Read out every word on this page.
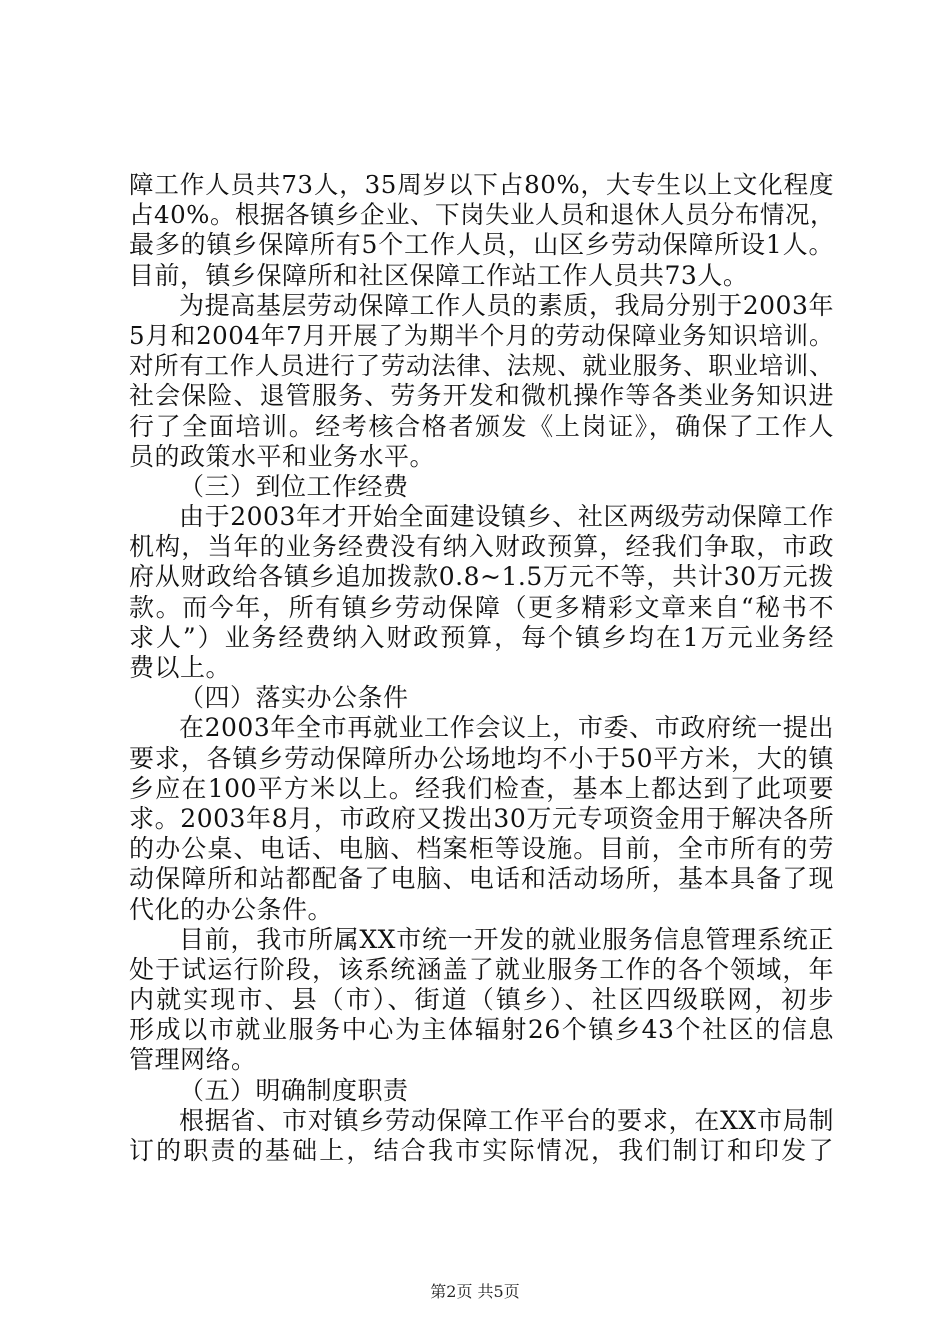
障工作人员共73人，35周岁以下占80%，大专生以上文化程度
占40%。根据各镇乡企业、下岗失业人员和退休人员分布情况，
最多的镇乡保障所有5个工作人员，山区乡劳动保障所设1人。
目前，镇乡保障所和社区保障工作站工作人员共73人。
为提高基层劳动保障工作人员的素质，我局分别于2003年
5月和2004年7月开展了为期半个月的劳动保障业务知识培训。
对所有工作人员进行了劳动法律、法规、就业服务、职业培训、
社会保险、退管服务、劳务开发和微机操作等各类业务知识进
行了全面培训。经考核合格者颁发《上岗证》，确保了工作人
员的政策水平和业务水平。
（三）到位工作经费
由于2003年才开始全面建设镇乡、社区两级劳动保障工作
机构，当年的业务经费没有纳入财政预算，经我们争取，市政
府从财政给各镇乡追加拨款0.8~1.5万元不等，共计30万元拨
款。而今年，所有镇乡劳动保障（更多精彩文章来自“秘书不
求人”）业务经费纳入财政预算，每个镇乡均在1万元业务经
费以上。
（四）落实办公条件
在2003年全市再就业工作会议上，市委、市政府统一提出
要求，各镇乡劳动保障所办公场地均不小于50平方米，大的镇
乡应在100平方米以上。经我们检查，基本上都达到了此项要
求。2003年8月，市政府又拨出30万元专项资金用于解决各所
的办公桌、电话、电脑、档案柜等设施。目前，全市所有的劳
动保障所和站都配备了电脑、电话和活动场所，基本具备了现
代化的办公条件。
目前，我市所属XX市统一开发的就业服务信息管理系统正
处于试运行阶段，该系统涵盖了就业服务工作的各个领域，年
内就实现市、县（市）、街道（镇乡）、社区四级联网，初步
形成以市就业服务中心为主体辐射26个镇乡43个社区的信息
管理网络。
（五）明确制度职责
根据省、市对镇乡劳动保障工作平台的要求，在XX市局制
订的职责的基础上，结合我市实际情况，我们制订和印发了
第2页 共5页
